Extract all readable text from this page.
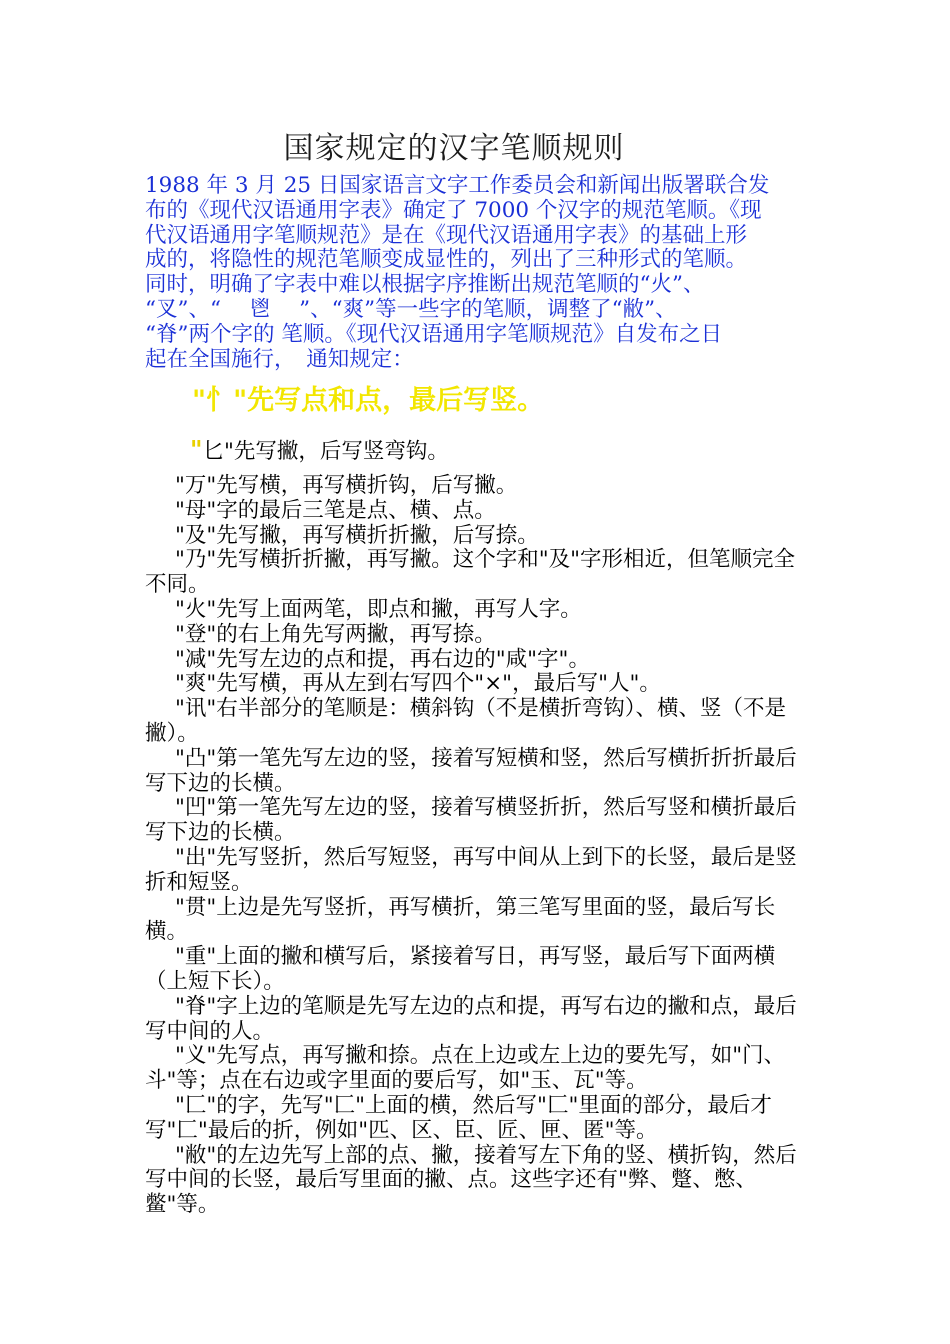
国家规定的汉字笔顺规则
1988 年 3 月 25 日国家语言文字工作委员会和新闻出版署联合发
布的《现代汉语通用字表》确定了 7000 个汉字的规范笔顺。《现
代汉语通用字笔顺规范》是在《现代汉语通用字表》的基础上形
成的，将隐性的规范笔顺变成显性的，列出了三种形式的笔顺。
同时，明确了字表中难以根据字序推断出规范笔顺的“火”、
“叉”、“　 鬯　 ”、“爽”等一些字的笔顺，调整了“敝”、
“脊”两个字的 笔顺。《现代汉语通用字笔顺规范》自发布之日
起在全国施行，　通知规定：
"忄"先写点和点，最后写竖。
"匕"先写撇，后写竖弯钩。

"万"先写横，再写横折钩，后写撇。

"母"字的最后三笔是点、横、点。

"及"先写撇，再写横折折撇，后写捺。

"乃"先写横折折撇，再写撇。这个字和"及"字形相近，但笔顺完全不同。

"火"先写上面两笔，即点和撇，再写人字。

"登"的右上角先写两撇，再写捺。

"减"先写左边的点和提，再右边的"咸"字"。

"爽"先写横，再从左到右写四个"×"，最后写"人"。

"讯"右半部分的笔顺是：横斜钩（不是横折弯钩）、横、竖（不是撇）。

"凸"第一笔先写左边的竖，接着写短横和竖，然后写横折折折最后写下边的长横。

"凹"第一笔先写左边的竖，接着写横竖折折，然后写竖和横折最后写下边的长横。

"出"先写竖折，然后写短竖，再写中间从上到下的长竖，最后是竖折和短竖。

"贯"上边是先写竖折，再写横折，第三笔写里面的竖，最后写长横。

"重"上面的撇和横写后，紧接着写日，再写竖，最后写下面两横（上短下长）。

"脊"字上边的笔顺是先写左边的点和提，再写右边的撇和点，最后写中间的人。

"义"先写点，再写撇和捺。点在上边或左上边的要先写，如"门、斗"等；点在右边或字里面的要后写，如"玉、瓦"等。

"匚"的字，先写"匚"上面的横，然后写"匚"里面的部分，最后才写"匚"最后的折，例如"匹、区、臣、匠、匣、匿"等。

"敝"的左边先写上部的点、撇，接着写左下角的竖、横折钩，然后写中间的长竖，最后写里面的撇、点。这些字还有"弊、蹩、憋、鳖"等。
